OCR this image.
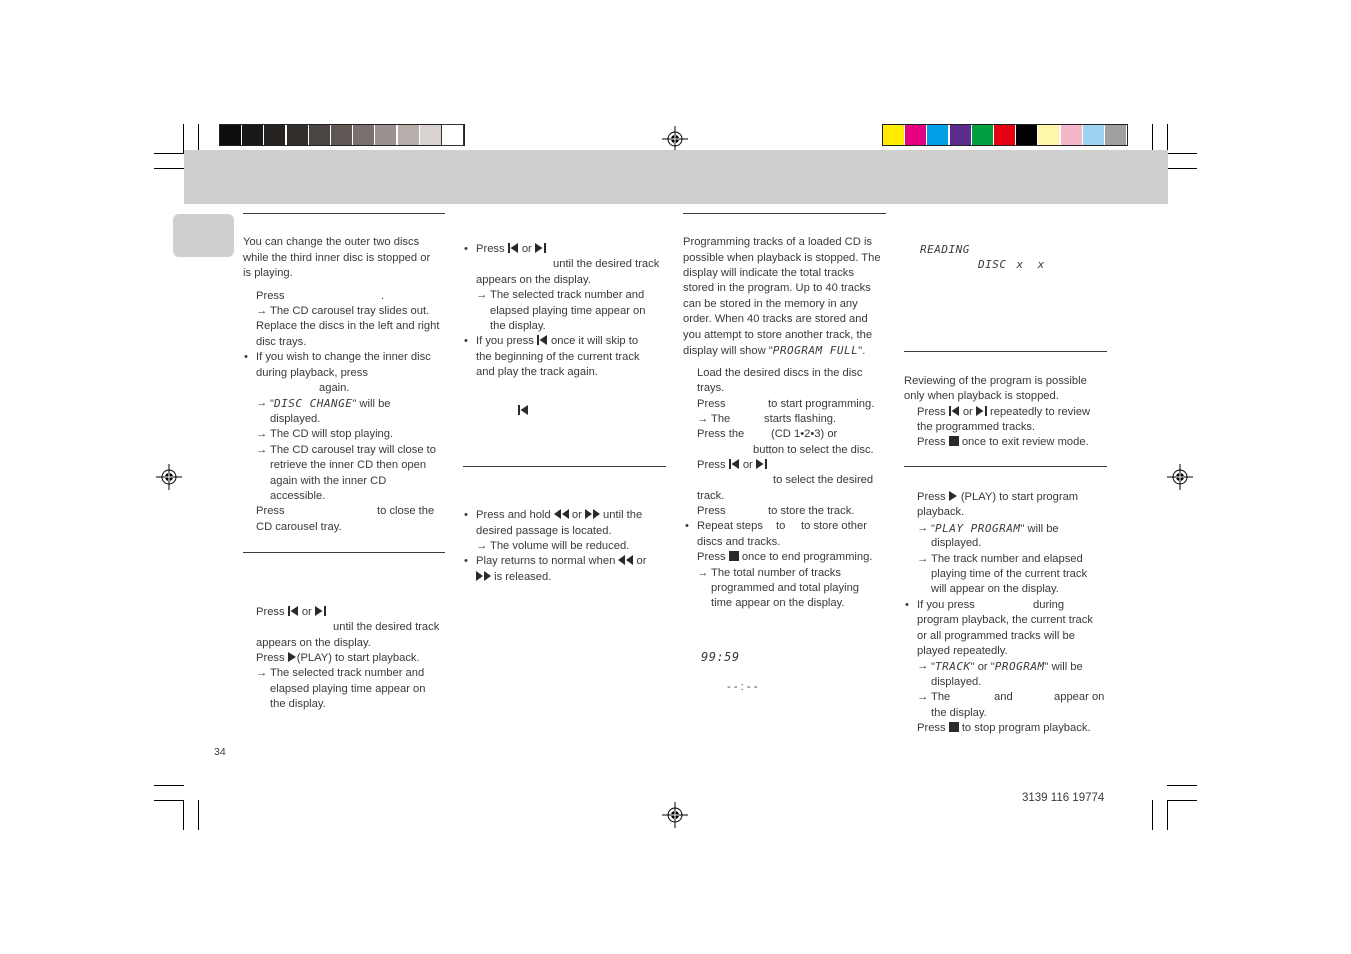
You can change the outer two discs
while the third inner disc is stopped or
is playing.
Press	.
→ The CD carousel tray slides out.
Replace the discs in the left and right
disc trays.
• If you wish to change the inner disc
during playback, press
again.
→ "DISC CHANGE" will be
displayed.
→ The CD will stop playing.
→ The CD carousel tray will close to
retrieve the inner CD then open
again with the inner CD
accessible.
Press	to close the
CD carousel tray.
Press or
until the desired track
appears on the display.
Press (PLAY) to start playback.
→ The selected track number and
elapsed playing time appear on
the display.
• Press or
until the desired track
appears on the display.
→ The selected track number and
elapsed playing time appear on
the display.
• If you press once it will skip to
the beginning of the current track
and play the track again.
• Press and hold or until the
desired passage is located.
→ The volume will be reduced.
• Play returns to normal when or
is released.
Programming tracks of a loaded CD is
possible when playback is stopped. The
display will indicate the total tracks
stored in the program. Up to 40 tracks
can be stored in the memory in any
order. When 40 tracks are stored and
you attempt to store another track, the
display will show "PROGRAM FULL".
Load the desired discs in the disc
trays.
Press	to start programming.
→ The	starts flashing.
Press the (CD 1•2•3) or
button to select the disc.
Press or
to select the desired
track.
Press	to store the track.
• Repeat steps to to store other
discs and tracks.
Press once to end programming.
→ The total number of tracks
programmed and total playing
time appear on the display.
99:59
- - : - -
READING
DISC x x
Reviewing of the program is possible
only when playback is stopped.
Press or repeatedly to review
the programmed tracks.
Press once to exit review mode.
Press (PLAY) to start program
playback.
→ "PLAY PROGRAM" will be
displayed.
→ The track number and elapsed
playing time of the current track
will appear on the display.
• If you press	during
program playback, the current track
or all programmed tracks will be
played repeatedly.
→ "TRACK" or "PROGRAM" will be
displayed.
→ The	and	appear on
the display.
Press to stop program playback.
34
3139 116 19774
